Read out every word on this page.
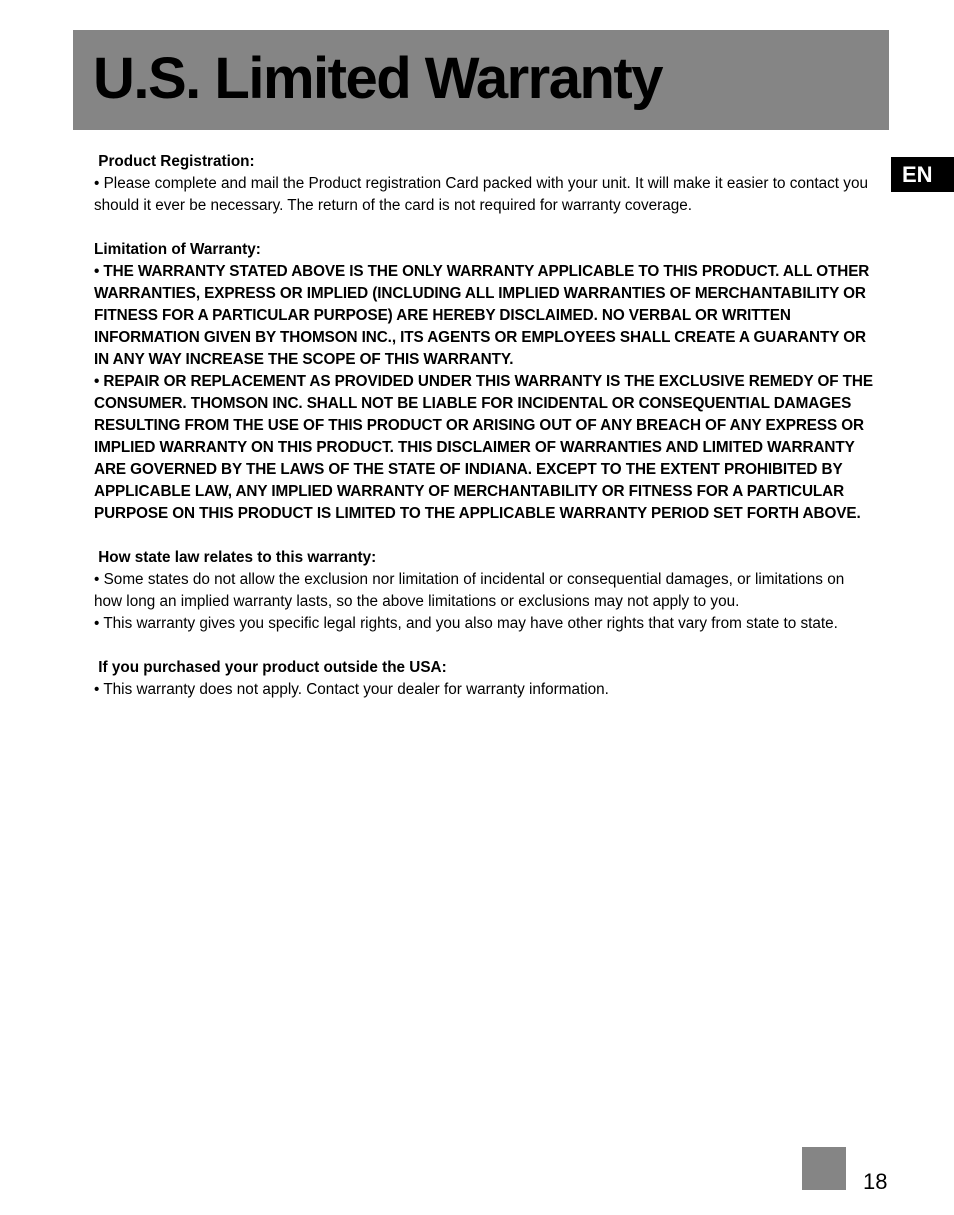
U.S. Limited Warranty
EN

Product Registration:

• Please complete and mail the Product registration Card packed with your unit. It will make it easier to contact you should it ever be necessary. The return of the card is not required for warranty coverage.

Limitation of Warranty:

• THE WARRANTY STATED ABOVE IS THE ONLY WARRANTY APPLICABLE TO THIS PRODUCT. ALL OTHER WARRANTIES, EXPRESS OR IMPLIED (INCLUDING ALL IMPLIED WARRANTIES OF MERCHANTABILITY OR FITNESS FOR A PARTICULAR PURPOSE) ARE HEREBY DISCLAIMED. NO VERBAL OR WRITTEN INFORMATION GIVEN BY THOMSON INC., ITS AGENTS OR EMPLOYEES SHALL CREATE A GUARANTY OR IN ANY WAY INCREASE THE SCOPE OF THIS WARRANTY.

• REPAIR OR REPLACEMENT AS PROVIDED UNDER THIS WARRANTY IS THE EXCLUSIVE REMEDY OF THE CONSUMER. THOMSON INC. SHALL NOT BE LIABLE FOR INCIDENTAL OR CONSEQUENTIAL DAMAGES RESULTING FROM THE USE OF THIS PRODUCT OR ARISING OUT OF ANY BREACH OF ANY EXPRESS OR IMPLIED WARRANTY ON THIS PRODUCT. THIS DISCLAIMER OF WARRANTIES AND LIMITED WARRANTY ARE GOVERNED BY THE LAWS OF THE STATE OF INDIANA. EXCEPT TO THE EXTENT PROHIBITED BY APPLICABLE LAW, ANY IMPLIED WARRANTY OF MERCHANTABILITY OR FITNESS FOR A PARTICULAR PURPOSE ON THIS PRODUCT IS LIMITED TO THE APPLICABLE WARRANTY PERIOD SET FORTH ABOVE.

How state law relates to this warranty:

• Some states do not allow the exclusion nor limitation of incidental or consequential damages, or limitations on how long an implied warranty lasts, so the above limitations or exclusions may not apply to you.

• This warranty gives you specific legal rights, and you also may have other rights that vary from state to state.

If you purchased your product outside the USA:

• This warranty does not apply. Contact your dealer for warranty information.

18
